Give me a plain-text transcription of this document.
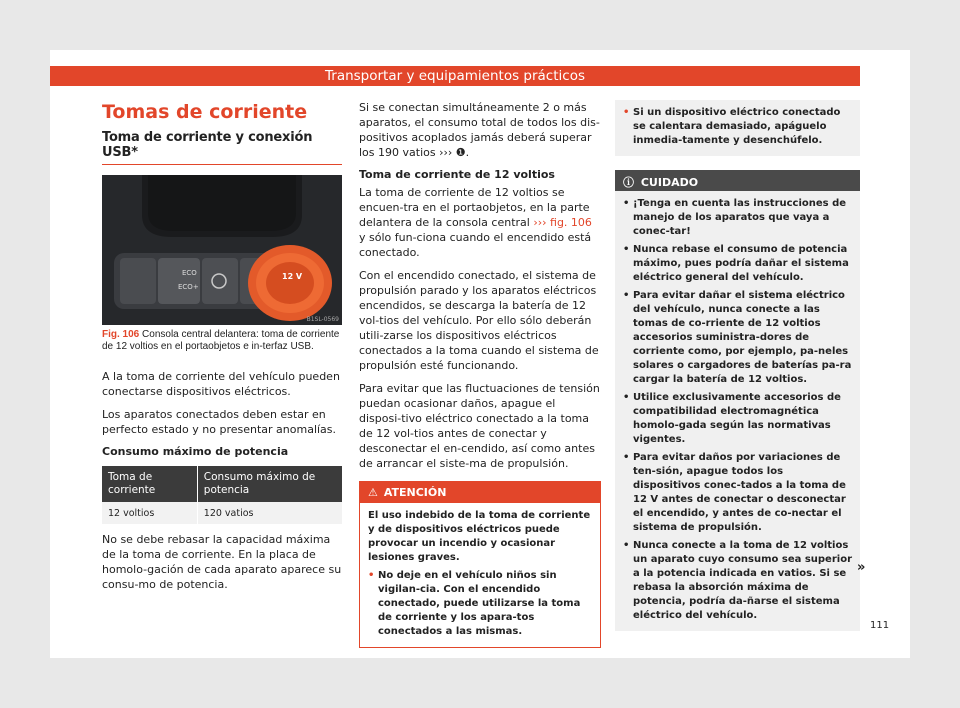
Transportar y equipamientos prácticos
Tomas de corriente
Toma de corriente y conexión USB*
ECO
ECO+
12 V
B1SL-0569

Fig. 106 Consola central delantera: toma de corriente de 12 voltios en el portaobjetos e in-terfaz USB.

A la toma de corriente del vehículo pueden conectarse dispositivos eléctricos.

Los aparatos conectados deben estar en perfecto estado y no presentar anomalías.

Consumo máximo de potencia

Toma de corriente	Consumo máximo de potencia
12 voltios	120 vatios

No se debe rebasar la capacidad máxima de la toma de corriente. En la placa de homolo-gación de cada aparato aparece su consu-mo de potencia.

Si se conectan simultáneamente 2 o más aparatos, el consumo total de todos los dis-positivos acoplados jamás deberá superar los 190 vatios ››› ❶.

Toma de corriente de 12 voltios

La toma de corriente de 12 voltios se encuen-tra en el portaobjetos, en la parte delantera de la consola central ››› fig. 106 y sólo fun-ciona cuando el encendido está conectado.

Con el encendido conectado, el sistema de propulsión parado y los aparatos eléctricos encendidos, se descarga la batería de 12 vol-tios del vehículo. Por ello sólo deberán utili-zarse los dispositivos eléctricos conectados a la toma cuando el sistema de propulsión esté funcionando.

Para evitar que las fluctuaciones de tensión puedan ocasionar daños, apague el disposi-tivo eléctrico conectado a la toma de 12 vol-tios antes de conectar y desconectar el en-cendido, así como antes de arrancar el siste-ma de propulsión.

⚠ ATENCIÓN

El uso indebido de la toma de corriente y de dispositivos eléctricos puede provocar un incendio y ocasionar lesiones graves.

• No deje en el vehículo niños sin vigilan-cia. Con el encendido conectado, puede utilizarse la toma de corriente y los apara-tos conectados a las mismas.

• Si un dispositivo eléctrico conectado se calentara demasiado, apáguelo inmedia-tamente y desenchúfelo.

ⓘ CUIDADO

• ¡Tenga en cuenta las instrucciones de manejo de los aparatos que vaya a conec-tar!

• Nunca rebase el consumo de potencia máximo, pues podría dañar el sistema eléctrico general del vehículo.

• Para evitar dañar el sistema eléctrico del vehículo, nunca conecte a las tomas de co-rriente de 12 voltios accesorios suministra-dores de corriente como, por ejemplo, pa-neles solares o cargadores de baterías pa-ra cargar la batería de 12 voltios.

• Utilice exclusivamente accesorios de compatibilidad electromagnética homolo-gada según las normativas vigentes.

• Para evitar daños por variaciones de ten-sión, apague todos los dispositivos conec-tados a la toma de 12 V antes de conectar o desconectar el encendido, y antes de co-nectar el sistema de propulsión.

• Nunca conecte a la toma de 12 voltios un aparato cuyo consumo sea superior a la potencia indicada en vatios. Si se rebasa la absorción máxima de potencia, podría da-ñarse el sistema eléctrico del vehículo.

»
111
